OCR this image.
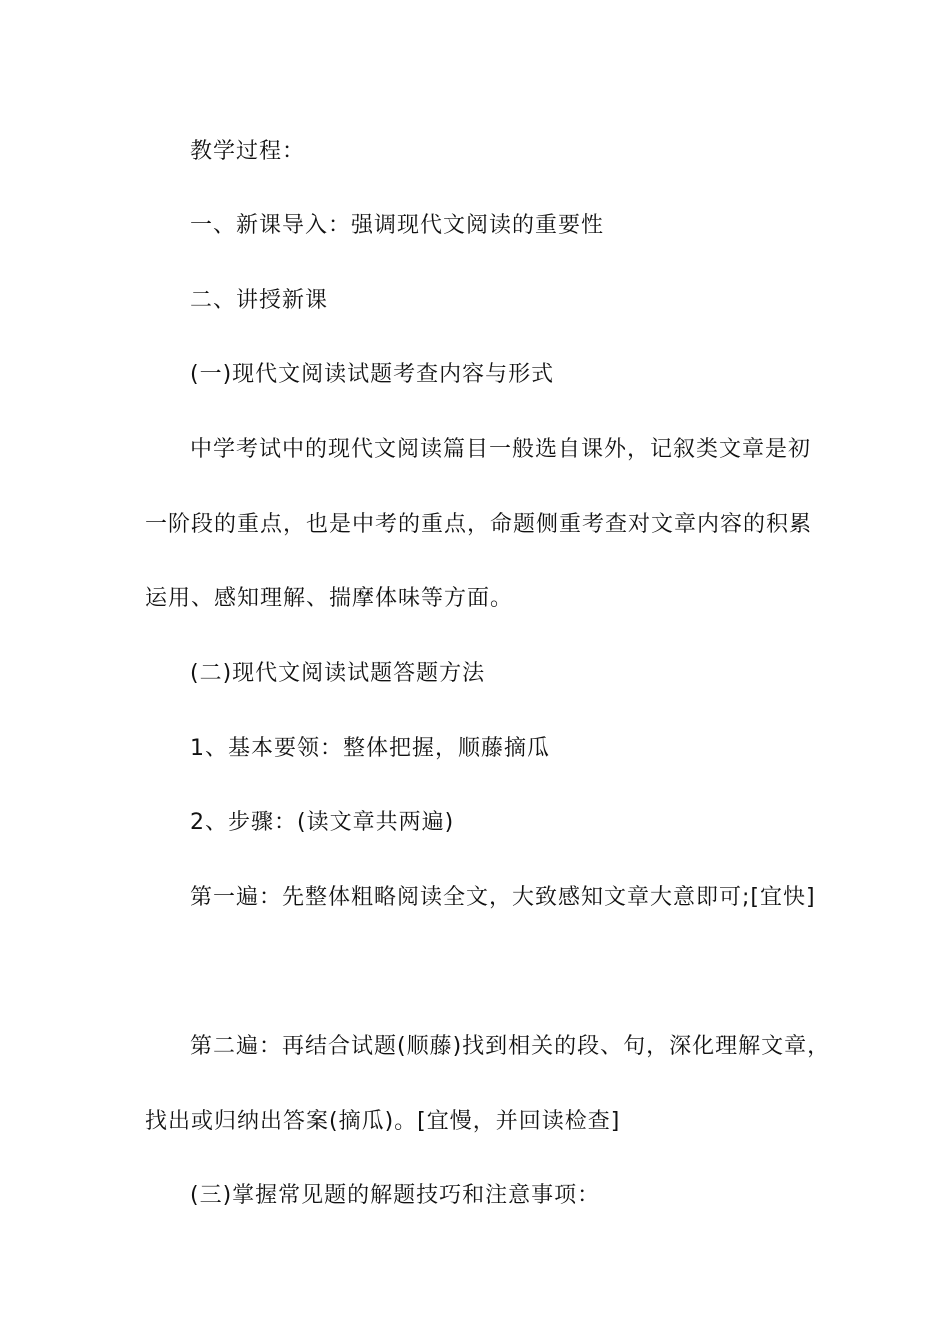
教学过程：
一、新课导入：强调现代文阅读的重要性
二、讲授新课
(一)现代文阅读试题考查内容与形式
中学考试中的现代文阅读篇目一般选自课外，记叙类文章是初
一阶段的重点，也是中考的重点，命题侧重考查对文章内容的积累
运用、感知理解、揣摩体味等方面。
(二)现代文阅读试题答题方法
1、基本要领：整体把握，顺藤摘瓜
2、步骤：(读文章共两遍)
第一遍：先整体粗略阅读全文，大致感知文章大意即可;[宜快]
第二遍：再结合试题(顺藤)找到相关的段、句，深化理解文章，
找出或归纳出答案(摘瓜)。[宜慢，并回读检查]
(三)掌握常见题的解题技巧和注意事项：
